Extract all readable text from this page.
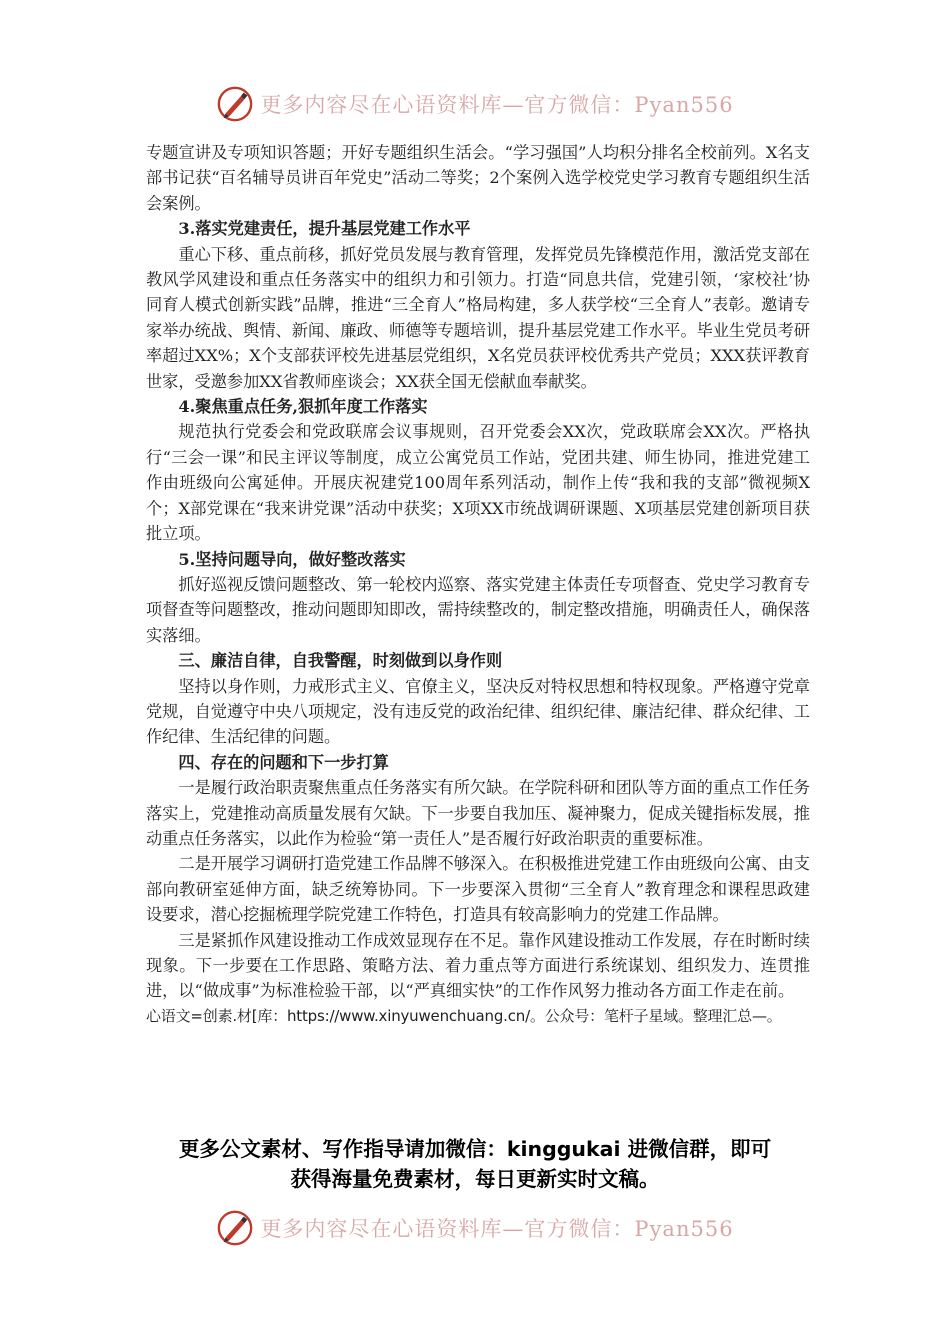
更多内容尽在心语资料库—官方微信：Pyan556

专题宣讲及专项知识答题；开好专题组织生活会。“学习强国”人均积分排名全校前列。X名支部书记获“百名辅导员讲百年党史”活动二等奖；2个案例入选学校党史学习教育专题组织生活会案例。

3.落实党建责任，提升基层党建工作水平

重心下移、重点前移，抓好党员发展与教育管理，发挥党员先锋模范作用，激活党支部在教风学风建设和重点任务落实中的组织力和引领力。打造“同息共信，党建引领，‘家校社’协同育人模式创新实践”品牌，推进“三全育人”格局构建，多人获学校“三全育人”表彰。邀请专家举办统战、舆情、新闻、廉政、师德等专题培训，提升基层党建工作水平。毕业生党员考研率超过XX%；X个支部获评校先进基层党组织，X名党员获评校优秀共产党员；XXX获评教育世家，受邀参加XX省教师座谈会；XX获全国无偿献血奉献奖。

4.聚焦重点任务,狠抓年度工作落实

规范执行党委会和党政联席会议事规则，召开党委会XX次，党政联席会XX次。严格执行“三会一课”和民主评议等制度，成立公寓党员工作站，党团共建、师生协同，推进党建工作由班级向公寓延伸。开展庆祝建党100周年系列活动，制作上传“我和我的支部”微视频X个；X部党课在“我来讲党课”活动中获奖；X项XX市统战调研课题、X项基层党建创新项目获批立项。

5.坚持问题导向，做好整改落实

抓好巡视反馈问题整改、第一轮校内巡察、落实党建主体责任专项督查、党史学习教育专项督查等问题整改，推动问题即知即改，需持续整改的，制定整改措施，明确责任人，确保落实落细。

三、廉洁自律，自我警醒，时刻做到以身作则

坚持以身作则，力戒形式主义、官僚主义，坚决反对特权思想和特权现象。严格遵守党章党规，自觉遵守中央八项规定，没有违反党的政治纪律、组织纪律、廉洁纪律、群众纪律、工作纪律、生活纪律的问题。

四、存在的问题和下一步打算

一是履行政治职责聚焦重点任务落实有所欠缺。在学院科研和团队等方面的重点工作任务落实上，党建推动高质量发展有欠缺。下一步要自我加压、凝神聚力，促成关键指标发展，推动重点任务落实，以此作为检验“第一责任人”是否履行好政治职责的重要标准。

二是开展学习调研打造党建工作品牌不够深入。在积极推进党建工作由班级向公寓、由支部向教研室延伸方面，缺乏统筹协同。下一步要深入贯彻“三全育人”教育理念和课程思政建设要求，潜心挖掘梳理学院党建工作特色，打造具有较高影响力的党建工作品牌。

三是紧抓作风建设推动工作成效显现存在不足。靠作风建设推动工作发展，存在时断时续现象。下一步要在工作思路、策略方法、着力重点等方面进行系统谋划、组织发力、连贯推进，以“做成事”为标准检验干部，以“严真细实快”的工作作风努力推动各方面工作走在前。

心语文=创素.材[库：https://www.xinyuwenchuang.cn/。公众号：笔杆子星域。整理汇总—。

更多公文素材、写作指导请加微信：kinggukai 进微信群，即可
获得海量免费素材，每日更新实时文稿。
更多内容尽在心语资料库—官方微信：Pyan556
